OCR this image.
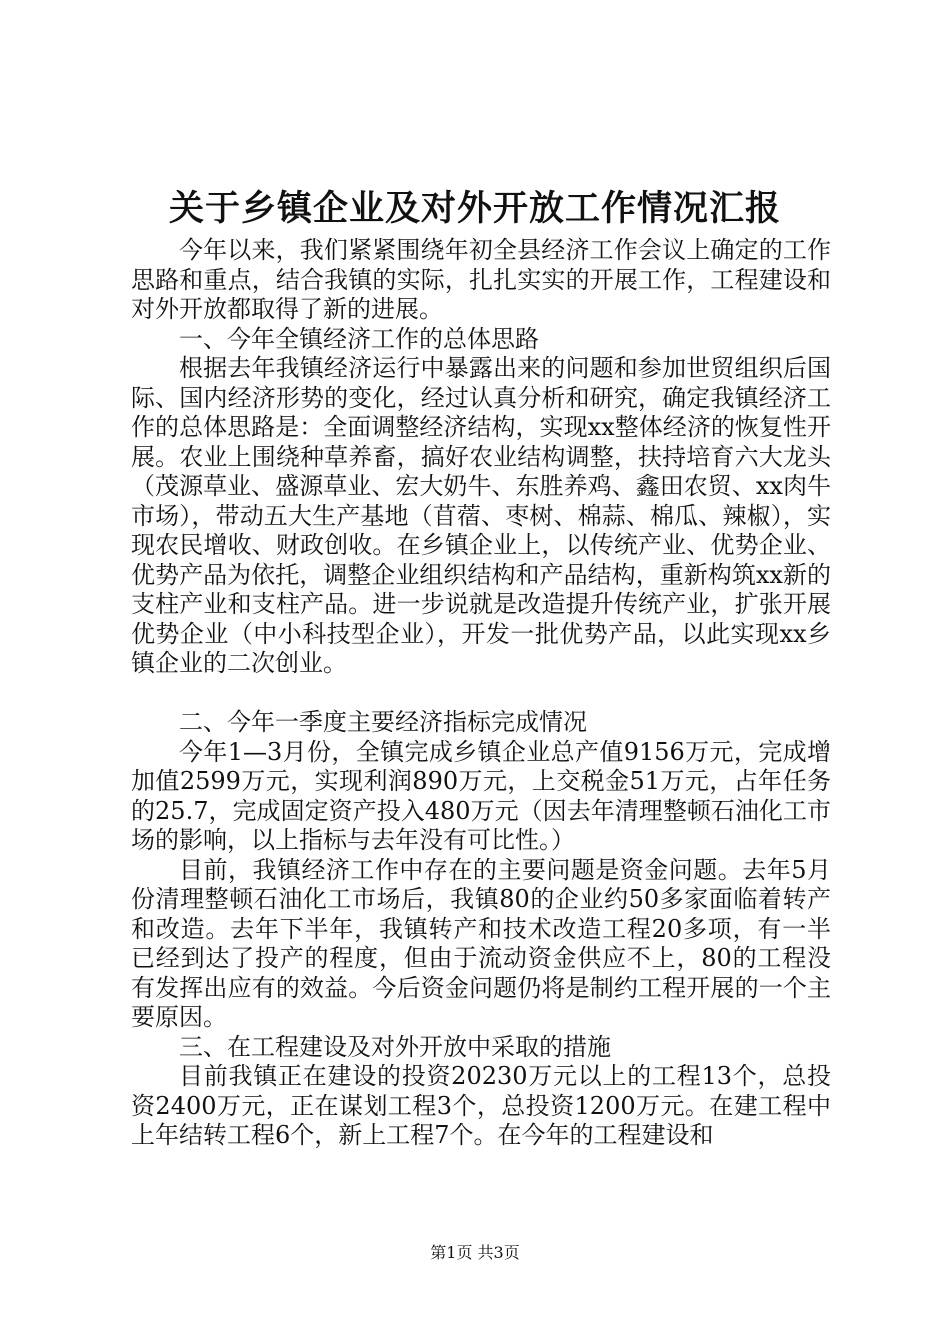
关于乡镇企业及对外开放工作情况汇报

今年以来，我们紧紧围绕年初全县经济工作会议上确定的工作思路和重点，结合我镇的实际，扎扎实实的开展工作，工程建设和对外开放都取得了新的进展。

一、今年全镇经济工作的总体思路

根据去年我镇经济运行中暴露出来的问题和参加世贸组织后国际、国内经济形势的变化，经过认真分析和研究，确定我镇经济工作的总体思路是：全面调整经济结构，实现xx整体经济的恢复性开展。农业上围绕种草养畜，搞好农业结构调整，扶持培育六大龙头（茂源草业、盛源草业、宏大奶牛、东胜养鸡、鑫田农贸、xx肉牛市场），带动五大生产基地（苜蓿、枣树、棉蒜、棉瓜、辣椒），实现农民增收、财政创收。在乡镇企业上，以传统产业、优势企业、优势产品为依托，调整企业组织结构和产品结构，重新构筑xx新的支柱产业和支柱产品。进一步说就是改造提升传统产业，扩张开展优势企业（中小科技型企业），开发一批优势产品，以此实现xx乡镇企业的二次创业。

二、今年一季度主要经济指标完成情况

今年1—3月份，全镇完成乡镇企业总产值9156万元，完成增加值2599万元，实现利润890万元，上交税金51万元，占年任务的25.7，完成固定资产投入480万元（因去年清理整顿石油化工市场的影响，以上指标与去年没有可比性。）

目前，我镇经济工作中存在的主要问题是资金问题。去年5月份清理整顿石油化工市场后，我镇80的企业约50多家面临着转产和改造。去年下半年，我镇转产和技术改造工程20多项，有一半已经到达了投产的程度，但由于流动资金供应不上，80的工程没有发挥出应有的效益。今后资金问题仍将是制约工程开展的一个主要原因。

三、在工程建设及对外开放中采取的措施

目前我镇正在建设的投资20230万元以上的工程13个，总投资2400万元，正在谋划工程3个，总投资1200万元。在建工程中上年结转工程6个，新上工程7个。在今年的工程建设和

第1页 共3页
